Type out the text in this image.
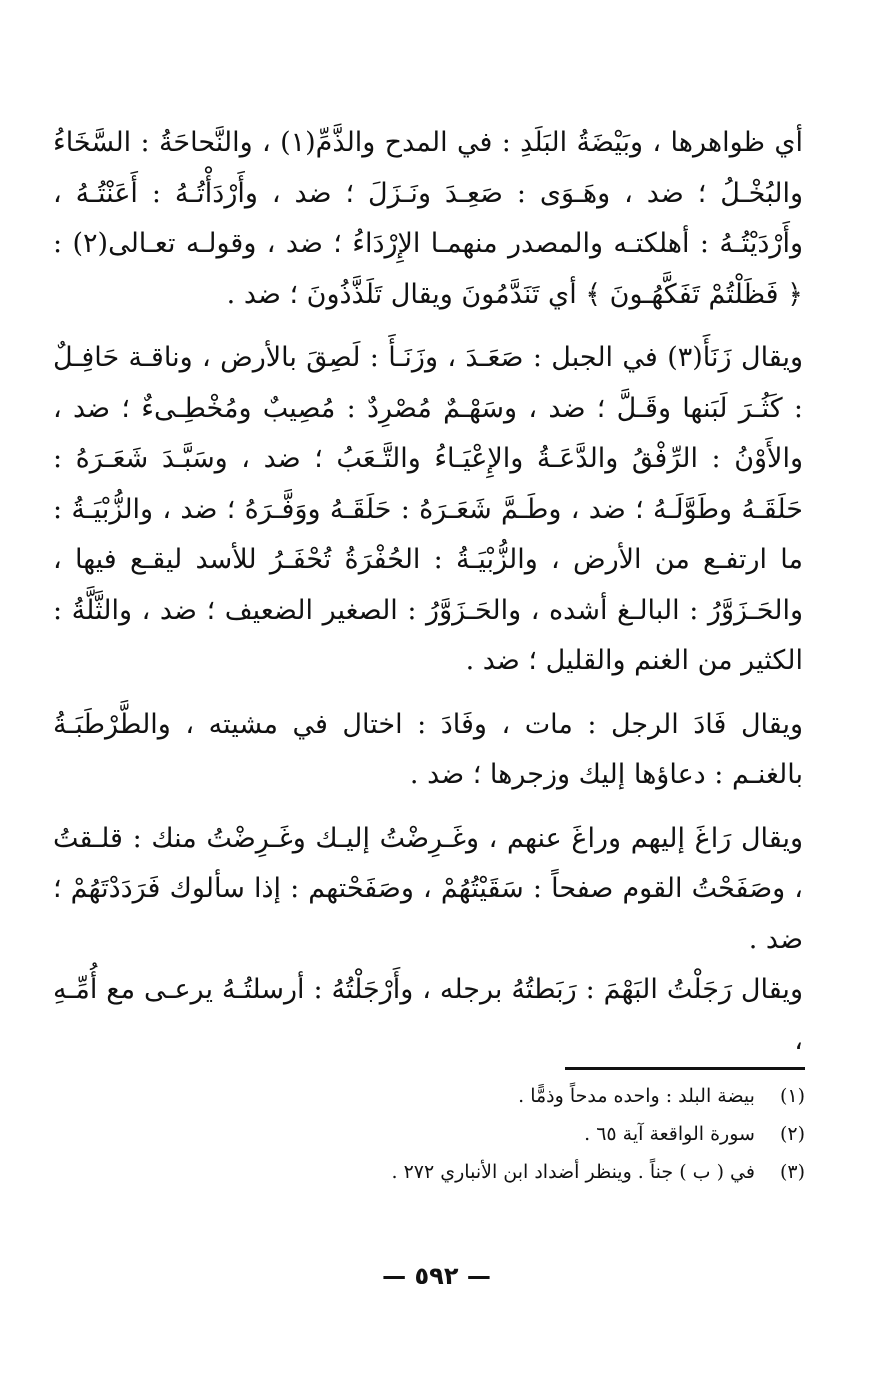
أي ظواهرها ، وبَيْضَةُ البَلَدِ : في المدح والذَّمِّ(١) ، والنَّحاحَةُ : السَّخَاءُ والبُخْـلُ ؛ ضد ، وهَـوَى : صَعِـدَ ونَـزَلَ ؛ ضد ، وأَرْدَأْتُـهُ : أَعَنْتُـهُ ، وأَرْدَيْتُـهُ : أهلكتـه والمصدر منهمـا الإِرْدَاءُ ؛ ضد ، وقولـه تعـالى(٢) : ﴿ فَظَلْتُمْ تَفَكَّهُـونَ ﴾ أي تَنَدَّمُونَ ويقال تَلَذَّذُونَ ؛ ضد .

ويقال زَنَأَ(٣) في الجبل : صَعَـدَ ، وزَنَـأَ : لَصِقَ بالأرض ، وناقـة حَافِـلٌ : كَثُـرَ لَبَنها وقَـلَّ ؛ ضد ، وسَهْـمٌ مُصْرِدٌ : مُصِيبٌ ومُخْطِـىءٌ ؛ ضد ، والأَوْنُ : الرِّفْقُ والدَّعَـةُ والإِعْيَـاءُ والتَّـعَبُ ؛ ضد ، وسَبَّـدَ شَعَـرَهُ : حَلَقَـهُ وطَوَّلَـهُ ؛ ضد ، وطَـمَّ شَعَـرَهُ : حَلَقَـهُ ووَفَّـرَهُ ؛ ضد ، والزُّبْيَـةُ : ما ارتفـع من الأرض ، والزُّبْيَـةُ : الحُفْرَةُ تُحْفَـرُ للأسد ليقـع فيها ، والحَـزَوَّرُ : البالـغ أشده ، والحَـزَوَّرُ : الصغير الضعيف ؛ ضد ، والثَّلَّةُ : الكثير من الغنم والقليل ؛ ضد .

ويقال فَادَ الرجل : مات ، وفَادَ : اختال في مشيته ، والطَّرْطَبَـةُ بالغنـم : دعاؤها إليك وزجرها ؛ ضد .

ويقال رَاغَ إليهم وراغَ عنهم ، وغَـرِضْتُ إليـك وغَـرِضْتُ منك : قلـقتُ ، وصَفَحْتُ القوم صفحاً : سَقَيْتُهُمْ ، وصَفَحْتهم : إذا سألوك فَرَدَدْتَهُمْ ؛ ضد .

ويقال رَجَلْتُ البَهْمَ : رَبَطتُهُ برجله ، وأَرْجَلْتُهُ : أرسلتُـهُ يرعـى مع أُمِّـهِ ،

(١) بيضة البلد : واحده مدحاً وذمًّا .
(٢) سورة الواقعة آية ٦٥ .
(٣) في ( ب ) جناً . وينظر أضداد ابن الأنباري ٢٧٢ .
— ٥٩٢ —
